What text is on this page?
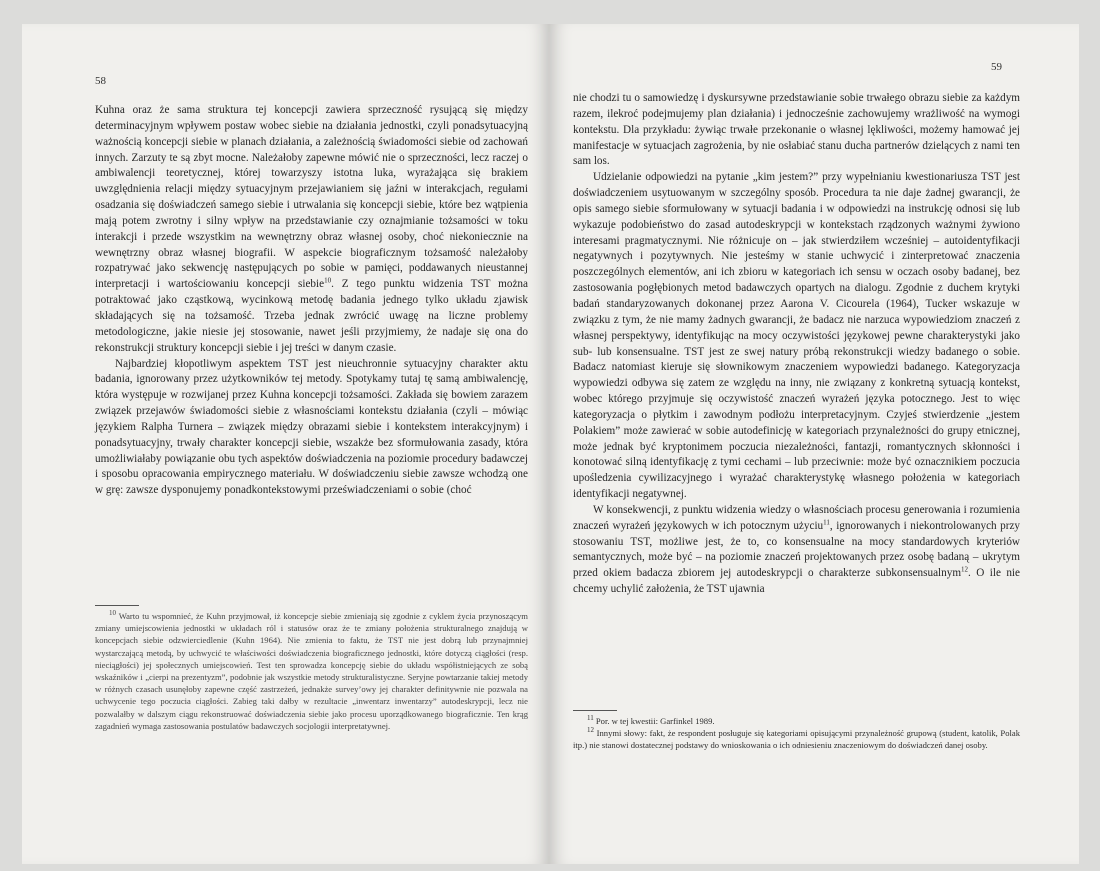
58

Kuhna oraz że sama struktura tej koncepcji zawiera sprzeczność rysującą się między determinacyjnym wpływem postaw wobec siebie na działania jednostki, czyli ponadsytuacyjną ważnością koncepcji siebie w planach działania, a zależnością świadomości siebie od zachowań innych. Zarzuty te są zbyt mocne. Należałoby zapewne mówić nie o sprzeczności, lecz raczej o ambiwalencji teoretycznej, której towarzyszy istotna luka, wyrażająca się brakiem uwzględnienia relacji między sytuacyjnym przejawianiem się jaźni w interakcjach, regułami osadzania się doświadczeń samego siebie i utrwalania się koncepcji siebie, które bez wątpienia mają potem zwrotny i silny wpływ na przedstawianie czy oznajmianie tożsamości w toku interakcji i przede wszystkim na wewnętrzny obraz własnej osoby, choć niekoniecznie na wewnętrzny obraz własnej biografii. W aspekcie biograficznym tożsamość należałoby rozpatrywać jako sekwencję następujących po sobie w pamięci, poddawanych nieustannej interpretacji i wartościowaniu koncepcji siebie$^{10}$. Z tego punktu widzenia TST można potraktować jako cząstkową, wycinkową metodę badania jednego tylko układu zjawisk składających się na tożsamość. Trzeba jednak zwrócić uwagę na liczne problemy metodologiczne, jakie niesie jej stosowanie, nawet jeśli przyjmiemy, że nadaje się ona do rekonstrukcji struktury koncepcji siebie i jej treści w danym czasie.

Najbardziej kłopotliwym aspektem TST jest nieuchronnie sytuacyjny charakter aktu badania, ignorowany przez użytkowników tej metody. Spotykamy tutaj tę samą ambiwalencję, która występuje w rozwijanej przez Kuhna koncepcji tożsamości. Zakłada się bowiem zarazem związek przejawów świadomości siebie z własnościami kontekstu działania (czyli – mówiąc językiem Ralpha Turnera – związek między obrazami siebie i kontekstem interakcyjnym) i ponadsytuacyjny, trwały charakter koncepcji siebie, wszakże bez sformułowania zasady, która umożliwiałaby powiązanie obu tych aspektów doświadczenia na poziomie procedury badawczej i sposobu opracowania empirycznego materiału. W doświadczeniu siebie zawsze wchodzą one w grę: zawsze dysponujemy ponadkontekstowymi przeświadczeniami o sobie (choć

$^{10}$ Warto tu wspomnieć, że Kuhn przyjmował, iż koncepcje siebie zmieniają się zgodnie z cyklem życia przynoszącym zmiany umiejscowienia jednostki w układach ról i statusów oraz że te zmiany położenia strukturalnego znajdują w koncepcjach siebie odzwierciedlenie (Kuhn 1964). Nie zmienia to faktu, że TST nie jest dobrą lub przynajmniej wystarczającą metodą, by uchwycić te właściwości doświadczenia biograficznego jednostki, które dotyczą ciągłości (resp. nieciągłości) jej społecznych umiejscowień. Test ten sprowadza koncepcję siebie do układu współistniejących ze sobą wskaźników i „cierpi na prezentyzm”, podobnie jak wszystkie metody strukturalistyczne. Seryjne powtarzanie takiej metody w różnych czasach usunęłoby zapewne część zastrzeżeń, jednakże survey’owy jej charakter definitywnie nie pozwala na uchwycenie tego poczucia ciągłości. Zabieg taki dałby w rezultacie „inwentarz inwentarzy” autodeskrypcji, lecz nie pozwalałby w dalszym ciągu rekonstruować doświadczenia siebie jako procesu uporządkowanego biograficznie. Ten krąg zagadnień wymaga zastosowania postulatów badawczych socjologii interpretatywnej.

59

nie chodzi tu o samowiedzę i dyskursywne przedstawianie sobie trwałego obrazu siebie za każdym razem, ilekroć podejmujemy plan działania) i jednocześnie zachowujemy wrażliwość na wymogi kontekstu. Dla przykładu: żywiąc trwałe przekonanie o własnej lękliwości, możemy hamować jej manifestacje w sytuacjach zagrożenia, by nie osłabiać stanu ducha partnerów dzielących z nami ten sam los.

Udzielanie odpowiedzi na pytanie „kim jestem?” przy wypełnianiu kwestionariusza TST jest doświadczeniem usytuowanym w szczególny sposób. Procedura ta nie daje żadnej gwarancji, że opis samego siebie sformułowany w sytuacji badania i w odpowiedzi na instrukcję odnosi się lub wykazuje podobieństwo do zasad autodeskrypcji w kontekstach rządzonych ważnymi żywiono interesami pragmatycznymi. Nie różnicuje on – jak stwierdziłem wcześniej – autoidentyfikacji negatywnych i pozytywnych. Nie jesteśmy w stanie uchwycić i zinterpretować znaczenia poszczególnych elementów, ani ich zbioru w kategoriach ich sensu w oczach osoby badanej, bez zastosowania pogłębionych metod badawczych opartych na dialogu. Zgodnie z duchem krytyki badań standaryzowanych dokonanej przez Aarona V. Cicourela (1964), Tucker wskazuje w związku z tym, że nie mamy żadnych gwarancji, że badacz nie narzuca wypowiedziom znaczeń z własnej perspektywy, identyfikując na mocy oczywistości językowej pewne charakterystyki jako sub- lub konsensualne. TST jest ze swej natury próbą rekonstrukcji wiedzy badanego o sobie. Badacz natomiast kieruje się słownikowym znaczeniem wypowiedzi badanego. Kategoryzacja wypowiedzi odbywa się zatem ze względu na inny, nie związany z konkretną sytuacją kontekst, wobec którego przyjmuje się oczywistość znaczeń wyrażeń języka potocznego. Jest to więc kategoryzacja o płytkim i zawodnym podłożu interpretacyjnym. Czyjeś stwierdzenie „jestem Polakiem” może zawierać w sobie autodefinicję w kategoriach przynależności do grupy etnicznej, może jednak być kryptonimem poczucia niezależności, fantazji, romantycznych skłonności i konotować silną identyfikację z tymi cechami – lub przeciwnie: może być oznacznikiem poczucia upośledzenia cywilizacyjnego i wyrażać charakterystykę własnego położenia w kategoriach identyfikacji negatywnej.

W konsekwencji, z punktu widzenia wiedzy o własnościach procesu generowania i rozumienia znaczeń wyrażeń językowych w ich potocznym użyciu$^{11}$, ignorowanych i niekontrolowanych przy stosowaniu TST, możliwe jest, że to, co konsensualne na mocy standardowych kryteriów semantycznych, może być – na poziomie znaczeń projektowanych przez osobę badaną – ukrytym przed okiem badacza zbiorem jej autodeskrypcji o charakterze subkonsensualnym$^{12}$. O ile nie chcemy uchylić założenia, że TST ujawnia

$^{11}$ Por. w tej kwestii: Garfinkel 1989.

$^{12}$ Innymi słowy: fakt, że respondent posługuje się kategoriami opisującymi przynależność grupową (student, katolik, Polak itp.) nie stanowi dostatecznej podstawy do wnioskowania o ich odniesieniu znaczeniowym do doświadczeń danej osoby.
